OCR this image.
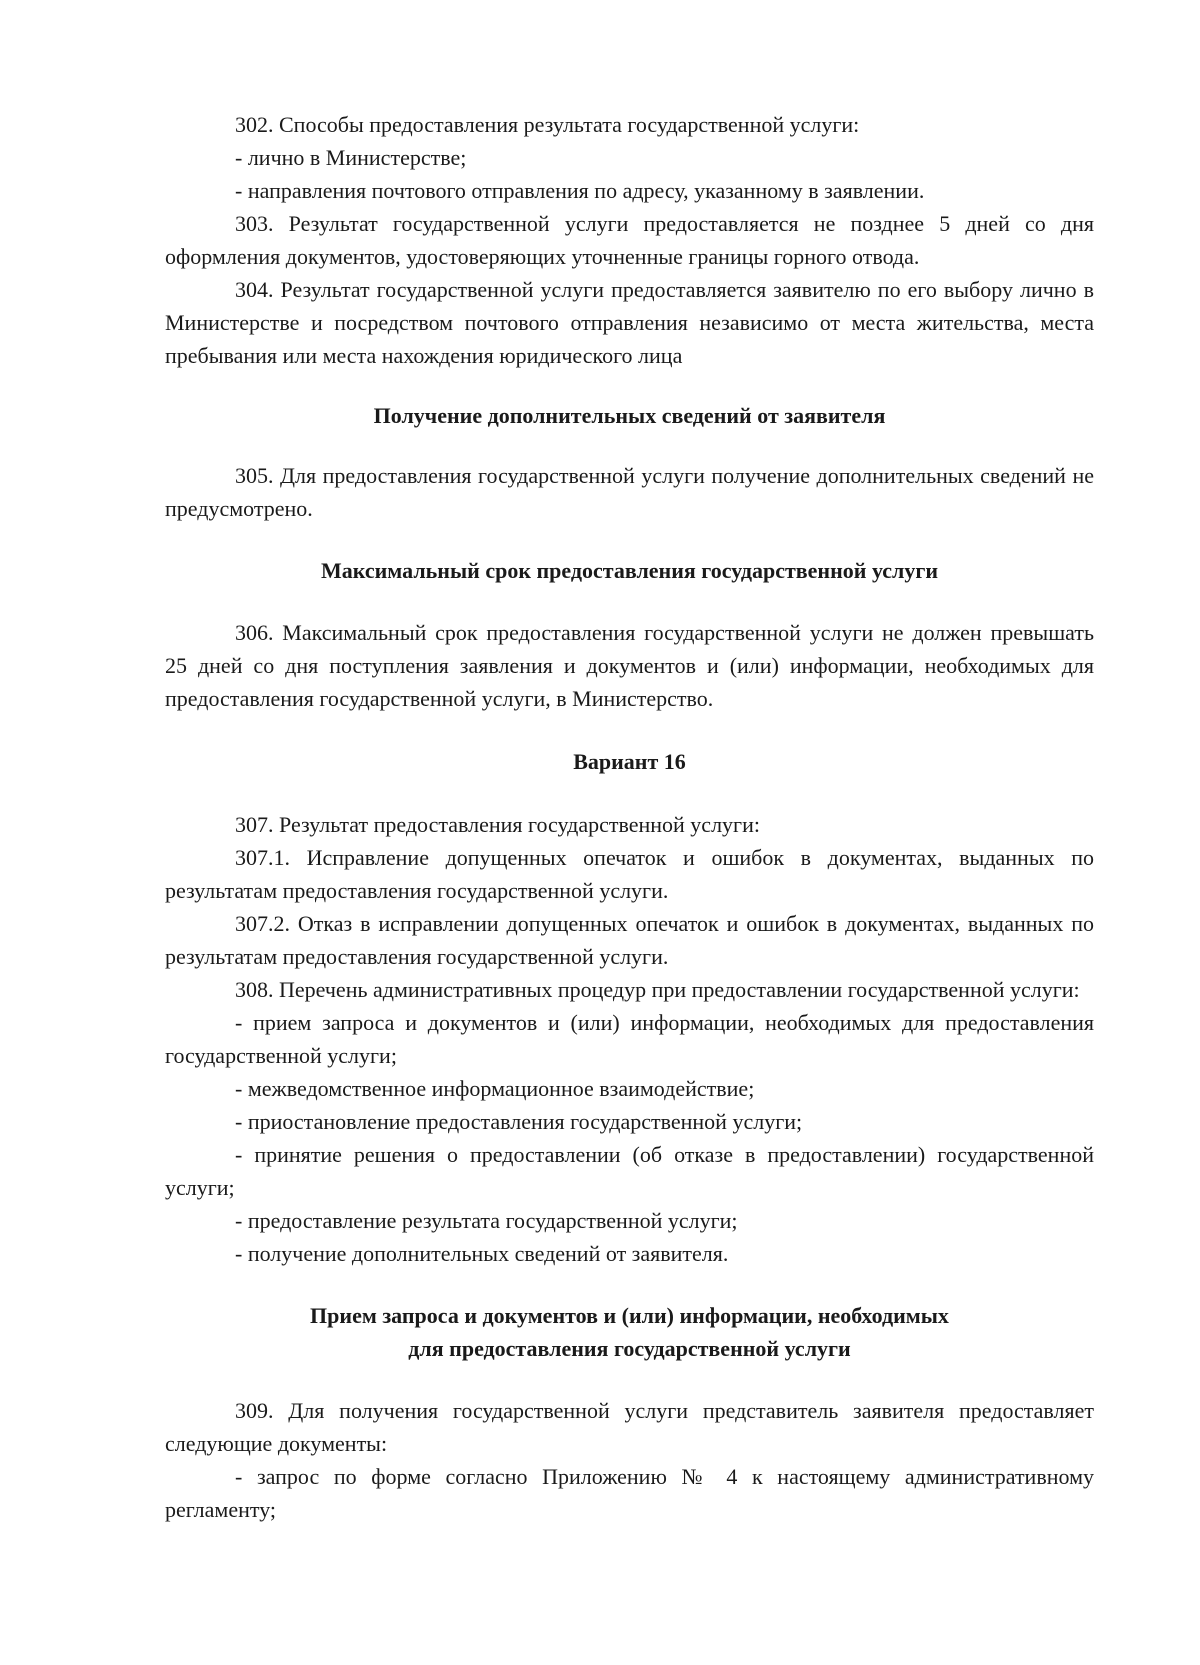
302. Способы предоставления результата государственной услуги:

- лично в Министерстве;

- направления почтового отправления по адресу, указанному в заявлении.

303. Результат государственной услуги предоставляется не позднее 5 дней со дня оформления документов, удостоверяющих уточненные границы горного отвода.

304. Результат государственной услуги предоставляется заявителю по его выбору лично в Министерстве и посредством почтового отправления независимо от места жительства, места пребывания или места нахождения юридического лица

Получение дополнительных сведений от заявителя

305. Для предоставления государственной услуги получение дополнительных сведений не предусмотрено.

Максимальный срок предоставления государственной услуги

306. Максимальный срок предоставления государственной услуги не должен превышать 25 дней со дня поступления заявления и документов и (или) информации, необходимых для предоставления государственной услуги, в Министерство.

Вариант 16

307. Результат предоставления государственной услуги:

307.1. Исправление допущенных опечаток и ошибок в документах, выданных по результатам предоставления государственной услуги.

307.2. Отказ в исправлении допущенных опечаток и ошибок в документах, выданных по результатам предоставления государственной услуги.

308. Перечень административных процедур при предоставлении государственной услуги:

- прием запроса и документов и (или) информации, необходимых для предоставления государственной услуги;

- межведомственное информационное взаимодействие;

- приостановление предоставления государственной услуги;

- принятие решения о предоставлении (об отказе в предоставлении) государственной услуги;

- предоставление результата государственной услуги;

- получение дополнительных сведений от заявителя.

Прием запроса и документов и (или) информации, необходимых

для предоставления государственной услуги

309. Для получения государственной услуги представитель заявителя предоставляет следующие документы:

- запрос по форме согласно Приложению № 4 к настоящему административному регламенту;
